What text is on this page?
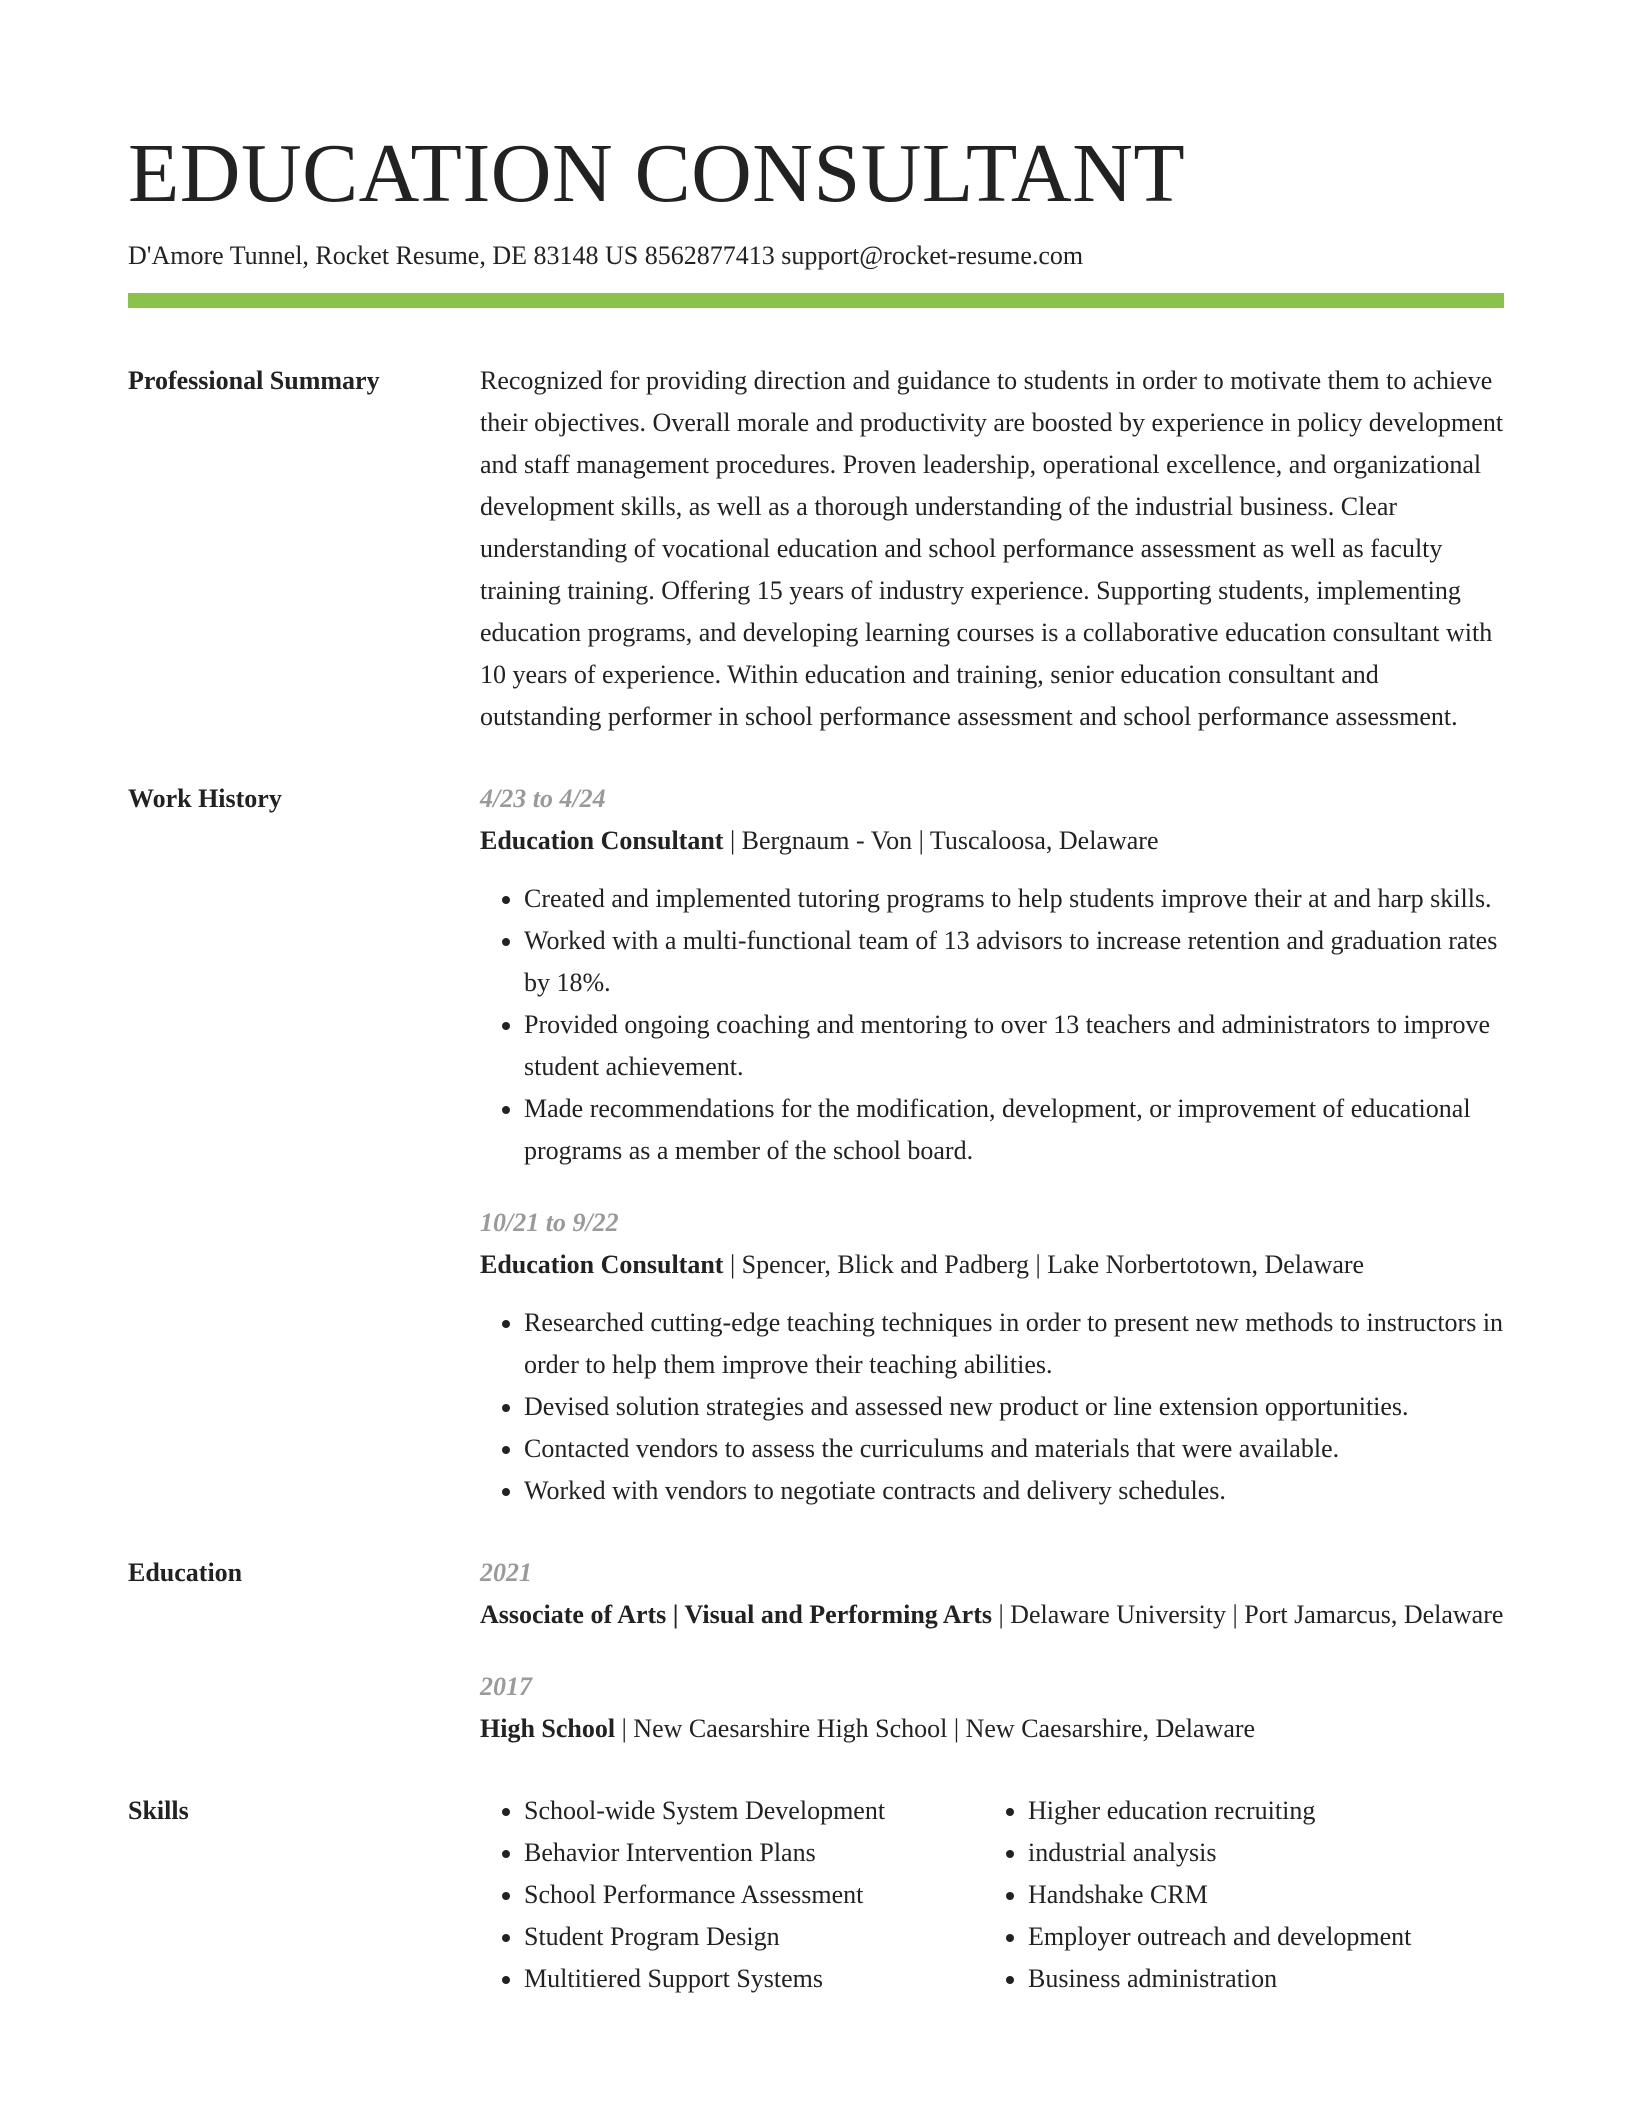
EDUCATION CONSULTANT
D'Amore Tunnel, Rocket Resume, DE 83148 US 8562877413 support@rocket-resume.com
Professional Summary	Recognized for providing direction and guidance to students in order to motivate them to achieve their objectives. Overall morale and productivity are boosted by experience in policy development and staff management procedures. Proven leadership, operational excellence, and organizational development skills, as well as a thorough understanding of the industrial business. Clear understanding of vocational education and school performance assessment as well as faculty training training. Offering 15 years of industry experience. Supporting students, implementing education programs, and developing learning courses is a collaborative education consultant with 10 years of experience. Within education and training, senior education consultant and outstanding performer in school performance assessment and school performance assessment.

Work History	4/23 to 4/24
Education Consultant | Bergnaum - Von | Tuscaloosa, Delaware
• Created and implemented tutoring programs to help students improve their at and harp skills.
• Worked with a multi-functional team of 13 advisors to increase retention and graduation rates by 18%.
• Provided ongoing coaching and mentoring to over 13 teachers and administrators to improve student achievement.
• Made recommendations for the modification, development, or improvement of educational programs as a member of the school board.
10/21 to 9/22
Education Consultant | Spencer, Blick and Padberg | Lake Norbertotown, Delaware
• Researched cutting-edge teaching techniques in order to present new methods to instructors in order to help them improve their teaching abilities.
• Devised solution strategies and assessed new product or line extension opportunities.
• Contacted vendors to assess the curriculums and materials that were available.
• Worked with vendors to negotiate contracts and delivery schedules.
Education	2021
Associate of Arts | Visual and Performing Arts | Delaware University | Port Jamarcus, Delaware
2017
High School | New Caesarshire High School | New Caesarshire, Delaware
Skills
•	School-wide System Development
• Behavior Intervention Plans
• School Performance Assessment
• Student Program Design
• Multitiered Support Systems
• Higher education recruiting
• industrial analysis
• Handshake CRM
• Employer outreach and development
• Business administration
